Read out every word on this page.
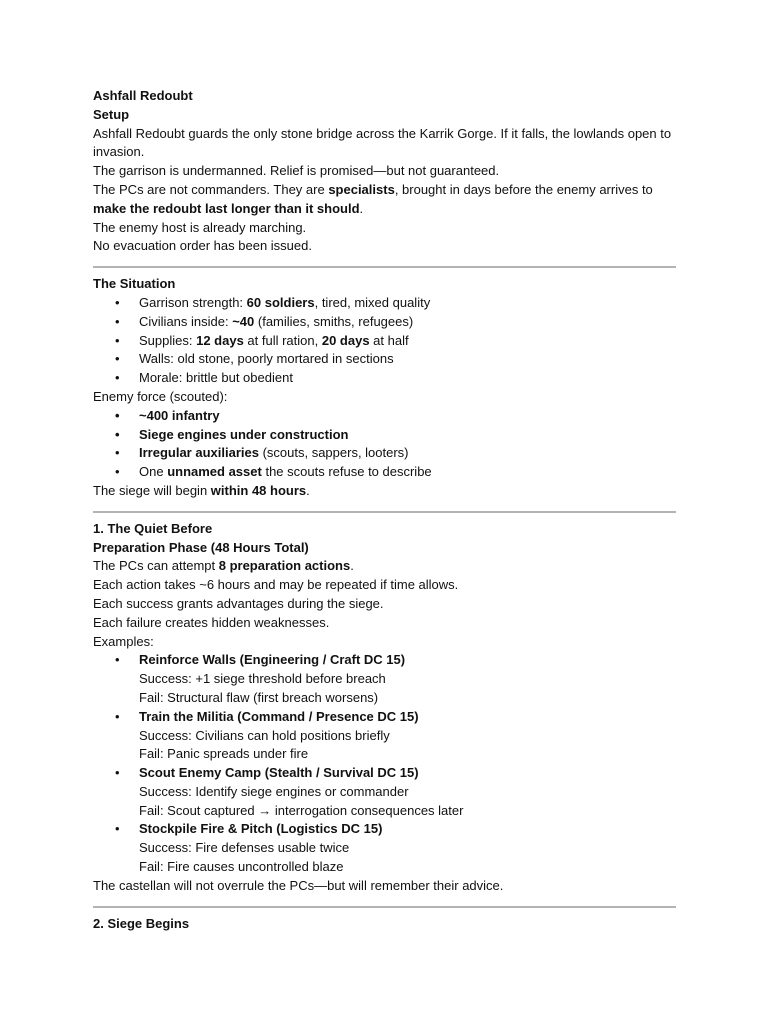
Ashfall Redoubt

Setup

Ashfall Redoubt guards the only stone bridge across the Karrik Gorge. If it falls, the lowlands open to invasion.

The garrison is undermanned. Relief is promised—but not guaranteed.

The PCs are not commanders. They are specialists, brought in days before the enemy arrives to make the redoubt last longer than it should.

The enemy host is already marching.

No evacuation order has been issued.

The Situation

• Garrison strength: 60 soldiers, tired, mixed quality
• Civilians inside: ~40 (families, smiths, refugees)
• Supplies: 12 days at full ration, 20 days at half
• Walls: old stone, poorly mortared in sections
• Morale: brittle but obedient

Enemy force (scouted):

• ~400 infantry
• Siege engines under construction
• Irregular auxiliaries (scouts, sappers, looters)
• One unnamed asset the scouts refuse to describe

The siege will begin within 48 hours.

1. The Quiet Before

Preparation Phase (48 Hours Total)

The PCs can attempt 8 preparation actions.

Each action takes ~6 hours and may be repeated if time allows.

Each success grants advantages during the siege.

Each failure creates hidden weaknesses.

Examples:

• Reinforce Walls (Engineering / Craft DC 15)
Success: +1 siege threshold before breach
Fail: Structural flaw (first breach worsens)
• Train the Militia (Command / Presence DC 15)
Success: Civilians can hold positions briefly
Fail: Panic spreads under fire
• Scout Enemy Camp (Stealth / Survival DC 15)
Success: Identify siege engines or commander
Fail: Scout captured → interrogation consequences later
• Stockpile Fire & Pitch (Logistics DC 15)
Success: Fire defenses usable twice
Fail: Fire causes uncontrolled blaze

The castellan will not overrule the PCs—but will remember their advice.

2. Siege Begins
